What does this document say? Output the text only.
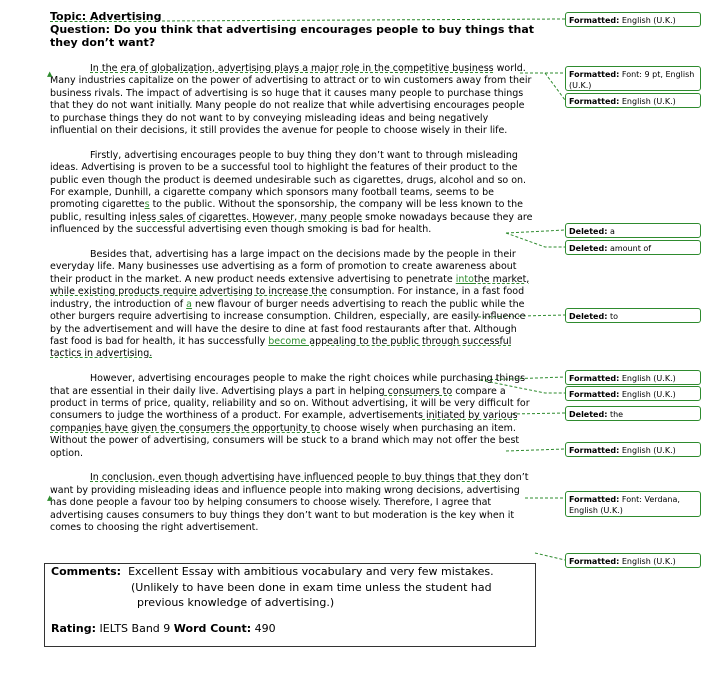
Topic: Advertising
Question: Do you think that advertising encourages people to buy things that they don’t want?

In the era of globalization, advertising plays a major role in the competitive business world. Many industries capitalize on the power of advertising to attract or to win customers away from their business rivals. The impact of advertising is so huge that it causes many people to purchase things that they do not want initially. Many people do not realize that while advertising encourages people to purchase things they do not want to by conveying misleading ideas and being negatively influential on their decisions, it still provides the avenue for people to choose wisely in their life.

Firstly, advertising encourages people to buy thing they don’t want to through misleading ideas. Advertising is proven to be a successful tool to highlight the features of their product to the public even though the product is deemed undesirable such as cigarettes, drugs, alcohol and so on. For example, Dunhill, a cigarette company which sponsors many football teams, seems to be promoting cigarettes to the public. Without the sponsorship, the company will be less known to the public, resulting inless sales of cigarettes. However, many people smoke nowadays because they are influenced by the successful advertising even though smoking is bad for health.

Besides that, advertising has a large impact on the decisions made by the people in their everyday life. Many businesses use advertising as a form of promotion to create awareness about their product in the market. A new product needs extensive advertising to penetrate intothe market, while existing products require advertising to increase the consumption. For instance, in a fast food industry, the introduction of a new flavour of burger needs advertising to reach the public while the other burgers require advertising to increase consumption. Children, especially, are easily influence by the advertisement and will have the desire to dine at fast food restaurants after that. Although fast food is bad for health, it has successfully become appealing to the public through successful tactics in advertising.

However, advertising encourages people to make the right choices while purchasing things that are essential in their daily live. Advertising plays a part in helping consumers to compare a product in terms of price, quality, reliability and so on. Without advertising, it will be very difficult for consumers to judge the worthiness of a product. For example, advertisements initiated by various companies have given the consumers the opportunity to choose wisely when purchasing an item. Without the power of advertising, consumers will be stuck to a brand which may not offer the best option.

In conclusion, even though advertising have influenced people to buy things that they don’t want by providing misleading ideas and influence people into making wrong decisions, advertising has done people a favour too by helping consumers to choose wisely. Therefore, I agree that advertising causes consumers to buy things they don’t want to but moderation is the key when it comes to choosing the right advertisement.

▲
▲
Comments: Excellent Essay with ambitious vocabulary and very few mistakes.
(Unlikely to have been done in exam time unless the student had
previous knowledge of advertising.)
Rating: IELTS Band 9 Word Count: 490
Formatted: English (U.K.)
Formatted: Font: 9 pt, English (U.K.)
Formatted: English (U.K.)
Deleted: a
Deleted: amount of
Deleted: to
Formatted: English (U.K.)
Formatted: English (U.K.)
Deleted: the
Formatted: English (U.K.)
Formatted: Font: Verdana, English (U.K.)
Formatted: English (U.K.)
